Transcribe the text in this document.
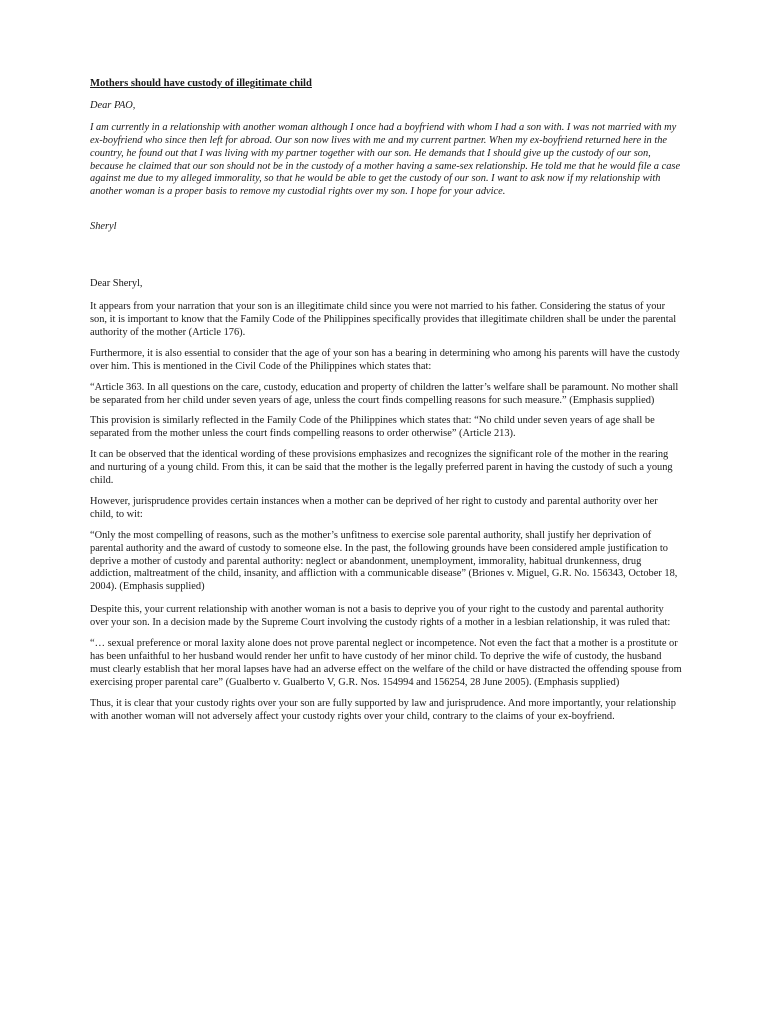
Mothers should have custody of illegitimate child

Dear PAO,

I am currently in a relationship with another woman although I once had a boyfriend with whom I had a son with. I was not married with my ex-boyfriend who since then left for abroad. Our son now lives with me and my current partner. When my ex-boyfriend returned here in the country, he found out that I was living with my partner together with our son. He demands that I should give up the custody of our son, because he claimed that our son should not be in the custody of a mother having a same-sex relationship. He told me that he would file a case against me due to my alleged immorality, so that he would be able to get the custody of our son. I want to ask now if my relationship with another woman is a proper basis to remove my custodial rights over my son. I hope for your advice.

Sheryl

Dear Sheryl,

It appears from your narration that your son is an illegitimate child since you were not married to his father. Considering the status of your son, it is important to know that the Family Code of the Philippines specifically provides that illegitimate children shall be under the parental authority of the mother (Article 176).

Furthermore, it is also essential to consider that the age of your son has a bearing in determining who among his parents will have the custody over him. This is mentioned in the Civil Code of the Philippines which states that:

“Article 363. In all questions on the care, custody, education and property of children the latter’s welfare shall be paramount. No mother shall be separated from her child under seven years of age, unless the court finds compelling reasons for such measure.” (Emphasis supplied)

This provision is similarly reflected in the Family Code of the Philippines which states that: “No child under seven years of age shall be separated from the mother unless the court finds compelling reasons to order otherwise” (Article 213).

It can be observed that the identical wording of these provisions emphasizes and recognizes the significant role of the mother in the rearing and nurturing of a young child. From this, it can be said that the mother is the legally preferred parent in having the custody of such a young child.

However, jurisprudence provides certain instances when a mother can be deprived of her right to custody and parental authority over her child, to wit:

“Only the most compelling of reasons, such as the mother’s unfitness to exercise sole parental authority, shall justify her deprivation of parental authority and the award of custody to someone else. In the past, the following grounds have been considered ample justification to deprive a mother of custody and parental authority: neglect or abandonment, unemployment, immorality, habitual drunkenness, drug addiction, maltreatment of the child, insanity, and affliction with a communicable disease” (Briones v. Miguel, G.R. No. 156343, October 18, 2004). (Emphasis supplied)

Despite this, your current relationship with another woman is not a basis to deprive you of your right to the custody and parental authority over your son. In a decision made by the Supreme Court involving the custody rights of a mother in a lesbian relationship, it was ruled that:

“… sexual preference or moral laxity alone does not prove parental neglect or incompetence. Not even the fact that a mother is a prostitute or has been unfaithful to her husband would render her unfit to have custody of her minor child. To deprive the wife of custody, the husband must clearly establish that her moral lapses have had an adverse effect on the welfare of the child or have distracted the offending spouse from exercising proper parental care” (Gualberto v. Gualberto V, G.R. Nos. 154994 and 156254, 28 June 2005). (Emphasis supplied)

Thus, it is clear that your custody rights over your son are fully supported by law and jurisprudence. And more importantly, your relationship with another woman will not adversely affect your custody rights over your child, contrary to the claims of your ex-boyfriend.
